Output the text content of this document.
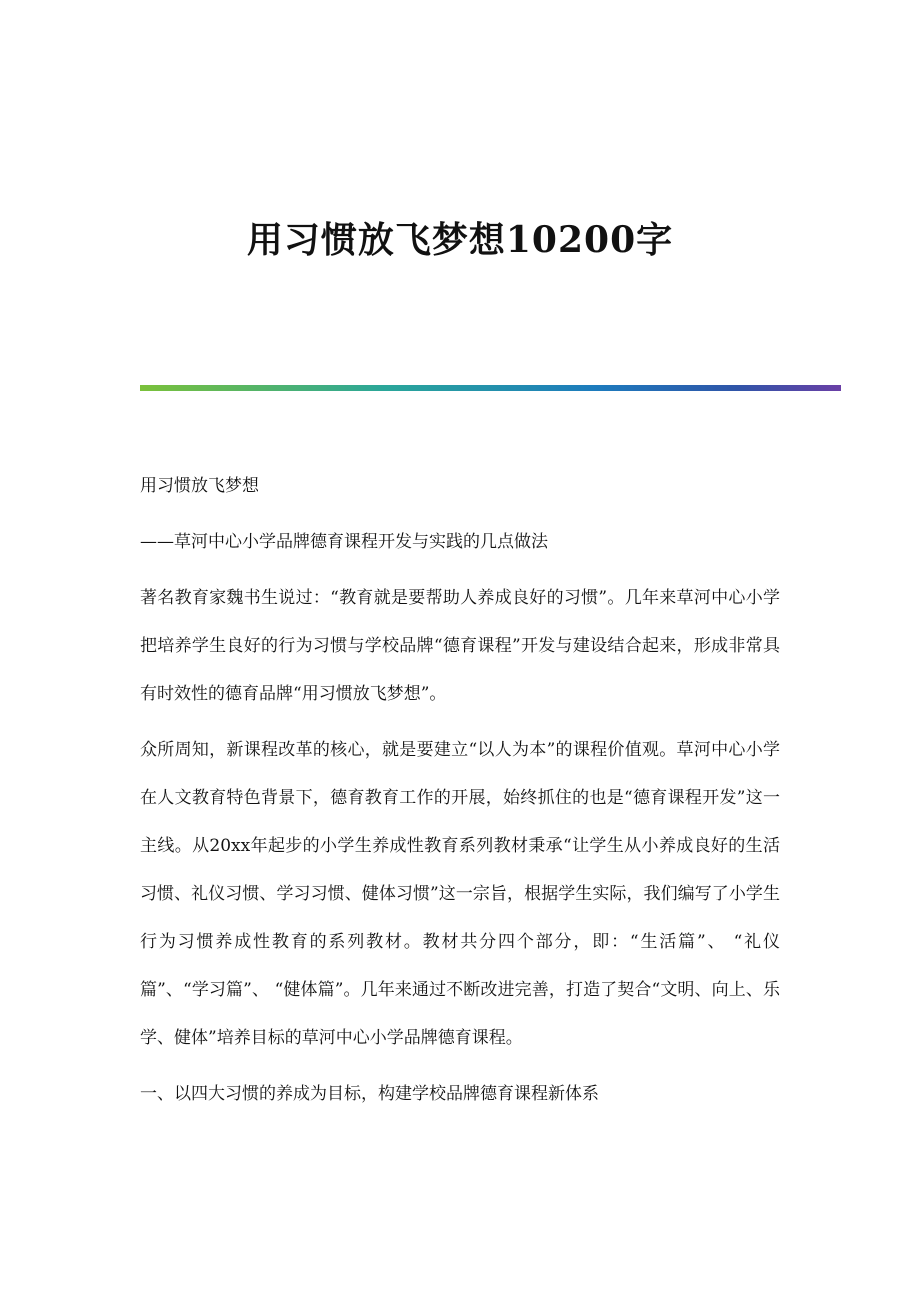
用习惯放飞梦想10200字

用习惯放飞梦想

——草河中心小学品牌德育课程开发与实践的几点做法

著名教育家魏书生说过：“教育就是要帮助人养成良好的习惯”。几年来草河中心小学把培养学生良好的行为习惯与学校品牌“德育课程”开发与建设结合起来，形成非常具有时效性的德育品牌“用习惯放飞梦想”。

众所周知，新课程改革的核心，就是要建立“以人为本”的课程价值观。草河中心小学在人文教育特色背景下，德育教育工作的开展，始终抓住的也是“德育课程开发”这一主线。从20xx年起步的小学生养成性教育系列教材秉承“让学生从小养成良好的生活习惯、礼仪习惯、学习习惯、健体习惯”这一宗旨，根据学生实际，我们编写了小学生行为习惯养成性教育的系列教材。教材共分四个部分，即：“生活篇”、 “礼仪篇”、“学习篇”、 “健体篇”。几年来通过不断改进完善，打造了契合“文明、向上、乐学、健体”培养目标的草河中心小学品牌德育课程。

一、以四大习惯的养成为目标，构建学校品牌德育课程新体系
